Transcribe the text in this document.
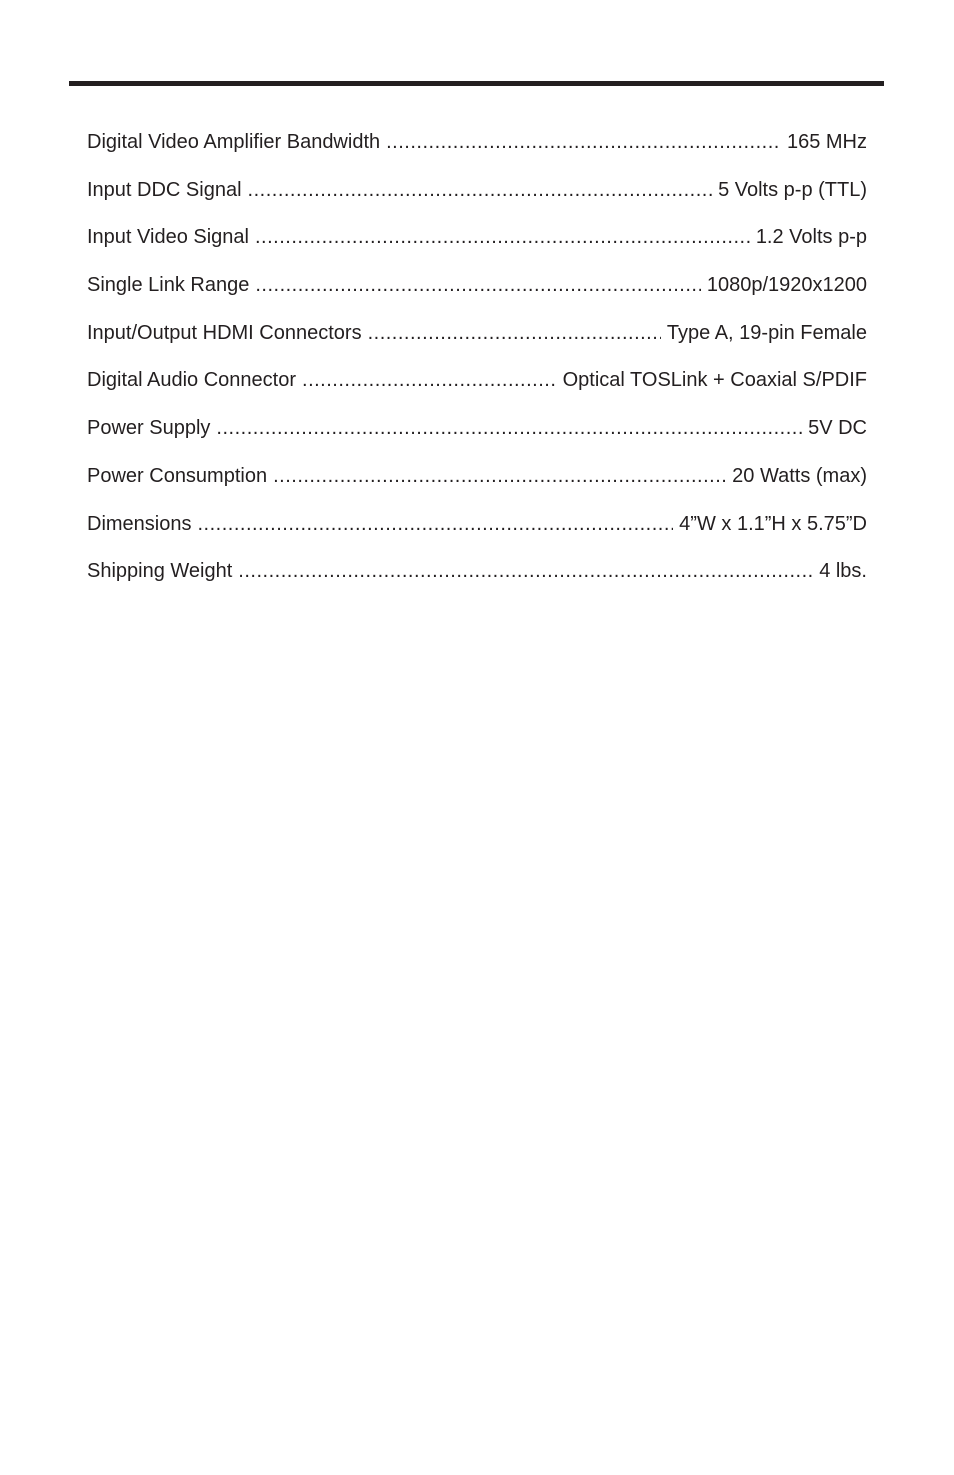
Digital Video Amplifier Bandwidth .....	165 MHz
Input DDC Signal .....	5 Volts p-p (TTL)
Input Video Signal .....	1.2 Volts p-p
Single Link Range .....	1080p/1920x1200
Input/Output HDMI Connectors .....	Type A, 19-pin Female
Digital Audio Connector .....	Optical TOSLink + Coaxial S/PDIF
Power Supply .....	5V DC
Power Consumption .....	20 Watts (max)
Dimensions .....	4”W x 1.1”H x 5.75”D
Shipping Weight .....	4 lbs.
